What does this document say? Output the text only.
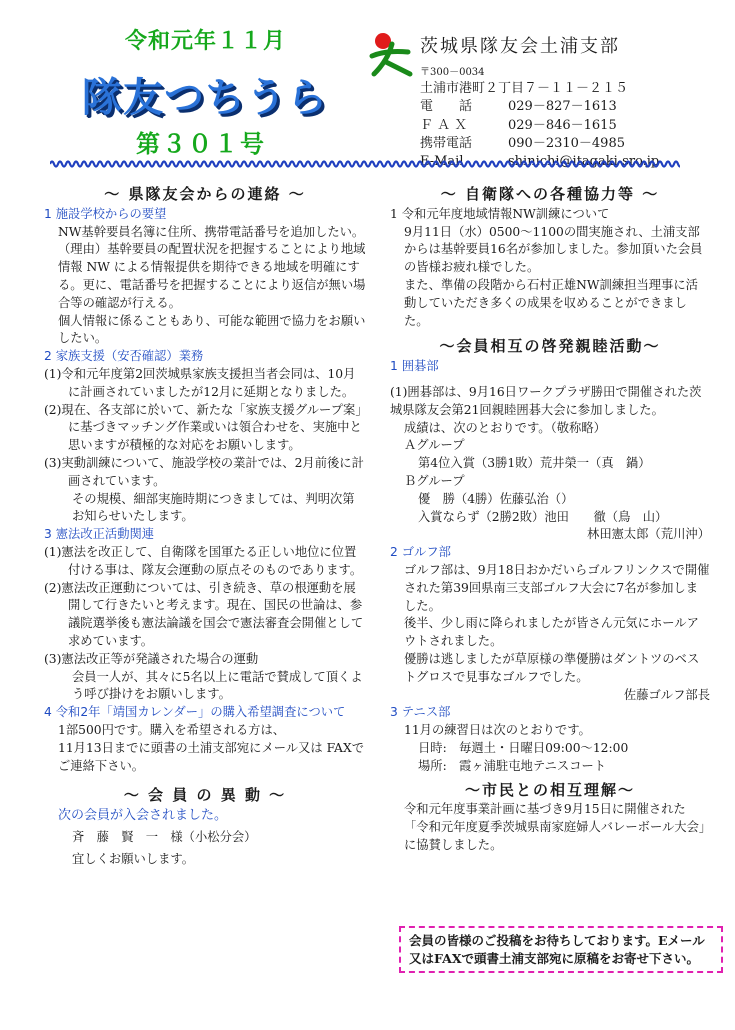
令和元年１１月
隊友つちうら
第３０１号
茨城県隊友会土浦支部
〒300－0034
土浦市港町２丁目７－１１－２１５
電　　話	029－827－1613
Ｆ Ａ Ｘ	029－846－1615
携帯電話	090－2310－4985
E-Mail	shinichi@itagaki-sro.jp
～ 県隊友会からの連絡 ～

1 施設学校からの要望

NW基幹要員名簿に住所、携帯電話番号を追加したい。

（理由）基幹要員の配置状況を把握することにより地域情報 NW による情報提供を期待できる地域を明確にする。更に、電話番号を把握することにより返信が無い場合等の確認が行える。

個人情報に係ることもあり、可能な範囲で協力をお願いしたい。

2 家族支援（安否確認）業務

(1)令和元年度第2回茨城県家族支援担当者会同は、10月に計画されていましたが12月に延期となりました。

(2)現在、各支部に於いて、新たな「家族支援グループ案」に基づきマッチング作業或いは領合わせを、実施中と思いますが積極的な対応をお願いします。

(3)実動訓練について、施設学校の業計では、2月前後に計画されています。

その規模、細部実施時期につきましては、判明次第お知らせいたします。

3 憲法改正活動関連

(1)憲法を改正して、自衛隊を国軍たる正しい地位に位置付ける事は、隊友会運動の原点そのものであります。

(2)憲法改正運動については、引き続き、草の根運動を展開して行きたいと考えます。現在、国民の世論は、参議院選挙後も憲法論議を国会で憲法審査会開催として求めています。

(3)憲法改正等が発議された場合の運動

会員一人が、其々に5名以上に電話で賛成して頂くよう呼び掛けをお願いします。

4 令和2年「靖国カレンダー」の購入希望調査について

1部500円です。購入を希望される方は、

11月13日までに頭書の土浦支部宛にメール又は FAXでご連絡下さい。

～ 会 員 の 異 動 ～

次の会員が入会されました。

斉　藤　賢　一　様（小松分会）

宜しくお願いします。

～ 自衛隊への各種協力等 ～

1 令和元年度地域情報NW訓練について

9月11日（水）0500～1100の間実施され、土浦支部からは基幹要員16名が参加しました。参加頂いた会員の皆様お疲れ様でした。

また、準備の段階から石村正雄NW訓練担当理事に活動していただき多くの成果を収めることができました。

～会員相互の啓発親睦活動～

1 囲碁部

(1)囲碁部は、9月16日ワークプラザ勝田で開催された茨城県隊友会第21回親睦囲碁大会に参加しました。

成績は、次のとおりです。（敬称略）

Ａグループ

第4位入賞（3勝1敗）荒井榮一（真　鍋）

Ｂグループ

優　勝（4勝）佐藤弘治（）

入賞ならず（2勝2敗）池田　　徹（鳥　山）

林田憲太郎（荒川沖）

2 ゴルフ部

ゴルフ部は、9月18日おかだいらゴルフリンクスで開催された第39回県南三支部ゴルフ大会に7名が参加しました。

後半、少し雨に降られましたが皆さん元気にホールアウトされました。

優勝は逃しましたが草原様の準優勝はダントツのベストグロスで見事なゴルフでした。

佐藤ゴルフ部長

3 テニス部

11月の練習日は次のとおりです。

日時:　毎週土・日曜日09:00～12:00

場所:　霞ヶ浦駐屯地テニスコート

～市民との相互理解～

令和元年度事業計画に基づき9月15日に開催された「令和元年度夏季茨城県南家庭婦人バレーボール大会」に協賛しました。

会員の皆様のご投稿をお待ちしております。Eメール又はFAXで頭書土浦支部宛に原稿をお寄せ下さい。
